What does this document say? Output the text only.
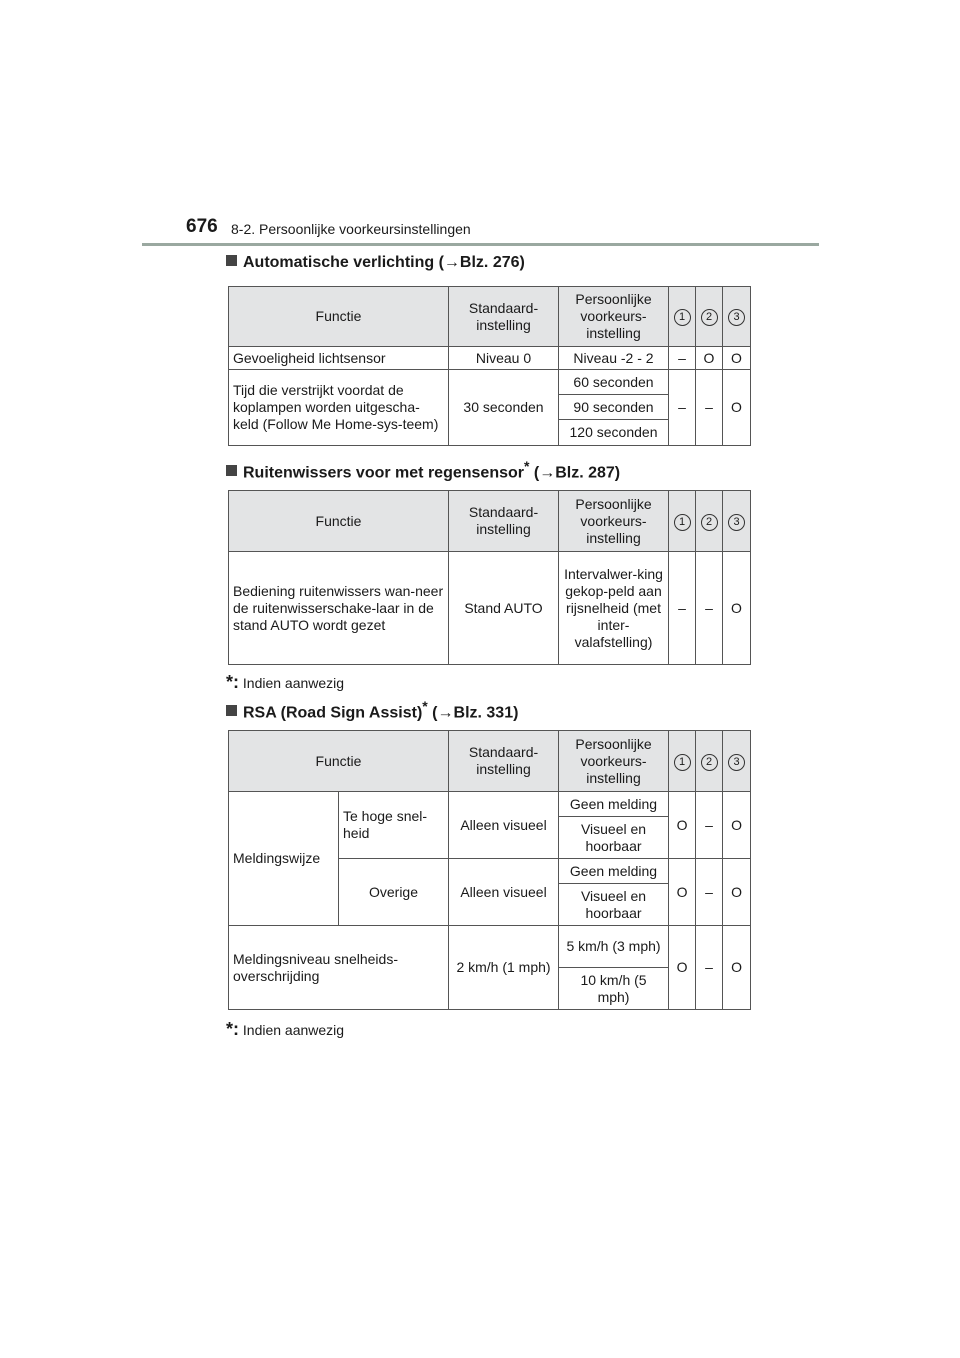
676 8-2. Persoonlijke voorkeursinstellingen
Automatische verlichting (→Blz. 276)
Functie	Standaard-instelling	Persoonlijke voorkeurs-instelling	1	2	3
Gevoeligheid lichtsensor	Niveau 0	Niveau -2 - 2	–	O	O
Tijd die verstrijkt voordat de koplampen worden uitgescha-keld (Follow Me Home-sys-teem)	30 seconden	60 seconden	–	–	O
		90 seconden			
		120 seconden			
Ruitenwissers voor met regensensor* (→Blz. 287)
Functie	Standaard-instelling	Persoonlijke voorkeurs-instelling	1	2	3
Bediening ruitenwissers wan-neer de ruitenwisserschake-laar in de stand AUTO wordt gezet	Stand AUTO	Intervalwer-king gekop-peld aan rijsnelheid (met inter-valafstelling)	–	–	O
*: Indien aanwezig
RSA (Road Sign Assist)* (→Blz. 331)
Functie		Standaard-instelling	Persoonlijke voorkeurs-instelling	1	2	3
Meldingswijze	Te hoge snel-heid	Alleen visueel	Geen melding	O	–	O
			Visueel en hoorbaar			
	Overige	Alleen visueel	Geen melding	O	–	O
			Visueel en hoorbaar			
Meldingsniveau snelheids-overschrijding		2 km/h (1 mph)	5 km/h (3 mph)	O	–	O
			10 km/h (5 mph)			
*: Indien aanwezig
